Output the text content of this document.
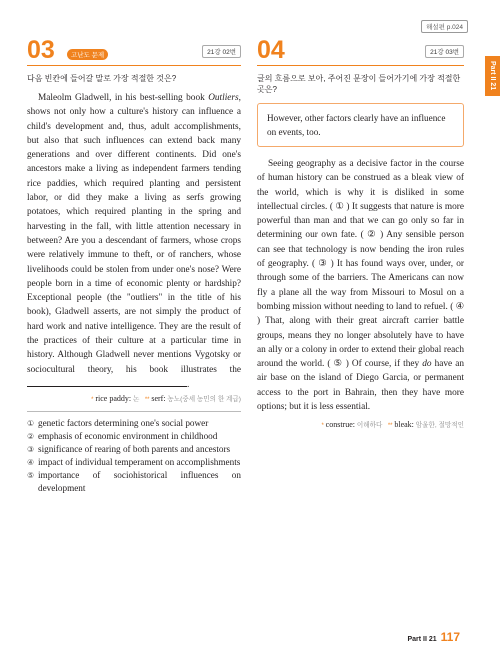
해설편 p.024
Part II 21
03	고난도 문제	21강 02번
다음 빈칸에 들어갈 말로 가장 적절한 것은?
Maleolm Gladwell, in his best-selling book Outliers, shows not only how a culture's history can influence a child's development and, thus, adult accomplishments, but also that such influences can extend back many generations and over different continents. Did one's ancestors make a living as independent farmers tending rice paddies, which required planting and persistent labor, or did they make a living as serfs growing potatoes, which required planting in the spring and harvesting in the fall, with little attention necessary in between? Are you a descendant of farmers, whose crops were relatively immune to theft, or of ranchers, whose livelihoods could be stolen from under one's nose? Were people born in a time of economic plenty or hardship? Exceptional people (the "outliers" in the title of his book), Gladwell asserts, are not simply the product of hard work and native intelligence. They are the result of the practices of their culture at a particular time in history. Although Gladwell never mentions Vygotsky or sociocultural theory, his book illustrates the .
* rice paddy: 논 ** serf: 농노(중세 농민의 한 계급)
① genetic factors determining one's social power
② emphasis of economic environment in childhood
③ significance of rearing of both parents and ancestors
④ impact of individual temperament on accomplishments
⑤ importance of sociohistorical influences on development
04	21강 03번
글의 흐름으로 보아, 주어진 문장이 들어가기에 가장 적절한 곳은?
However, other factors clearly have an influence on events, too.
Seeing geography as a decisive factor in the course of human history can be construed as a bleak view of the world, which is why it is disliked in some intellectual circles. ( ① ) It suggests that nature is more powerful than man and that we can go only so far in determining our own fate. ( ② ) Any sensible person can see that technology is now bending the iron rules of geography. ( ③ ) It has found ways over, under, or through some of the barriers. The Americans can now fly a plane all the way from Missouri to Mosul on a bombing mission without needing to land to refuel. ( ④ ) That, along with their great aircraft carrier battle groups, means they no longer absolutely have to have an ally or a colony in order to extend their global reach around the world. ( ⑤ ) Of course, if they do have an air base on the island of Diego Garcia, or permanent access to the port in Bahrain, then they have more options; but it is less essential.
* construe: 이해하다 ** bleak: 암울한, 절망적인
Part II 21 117
